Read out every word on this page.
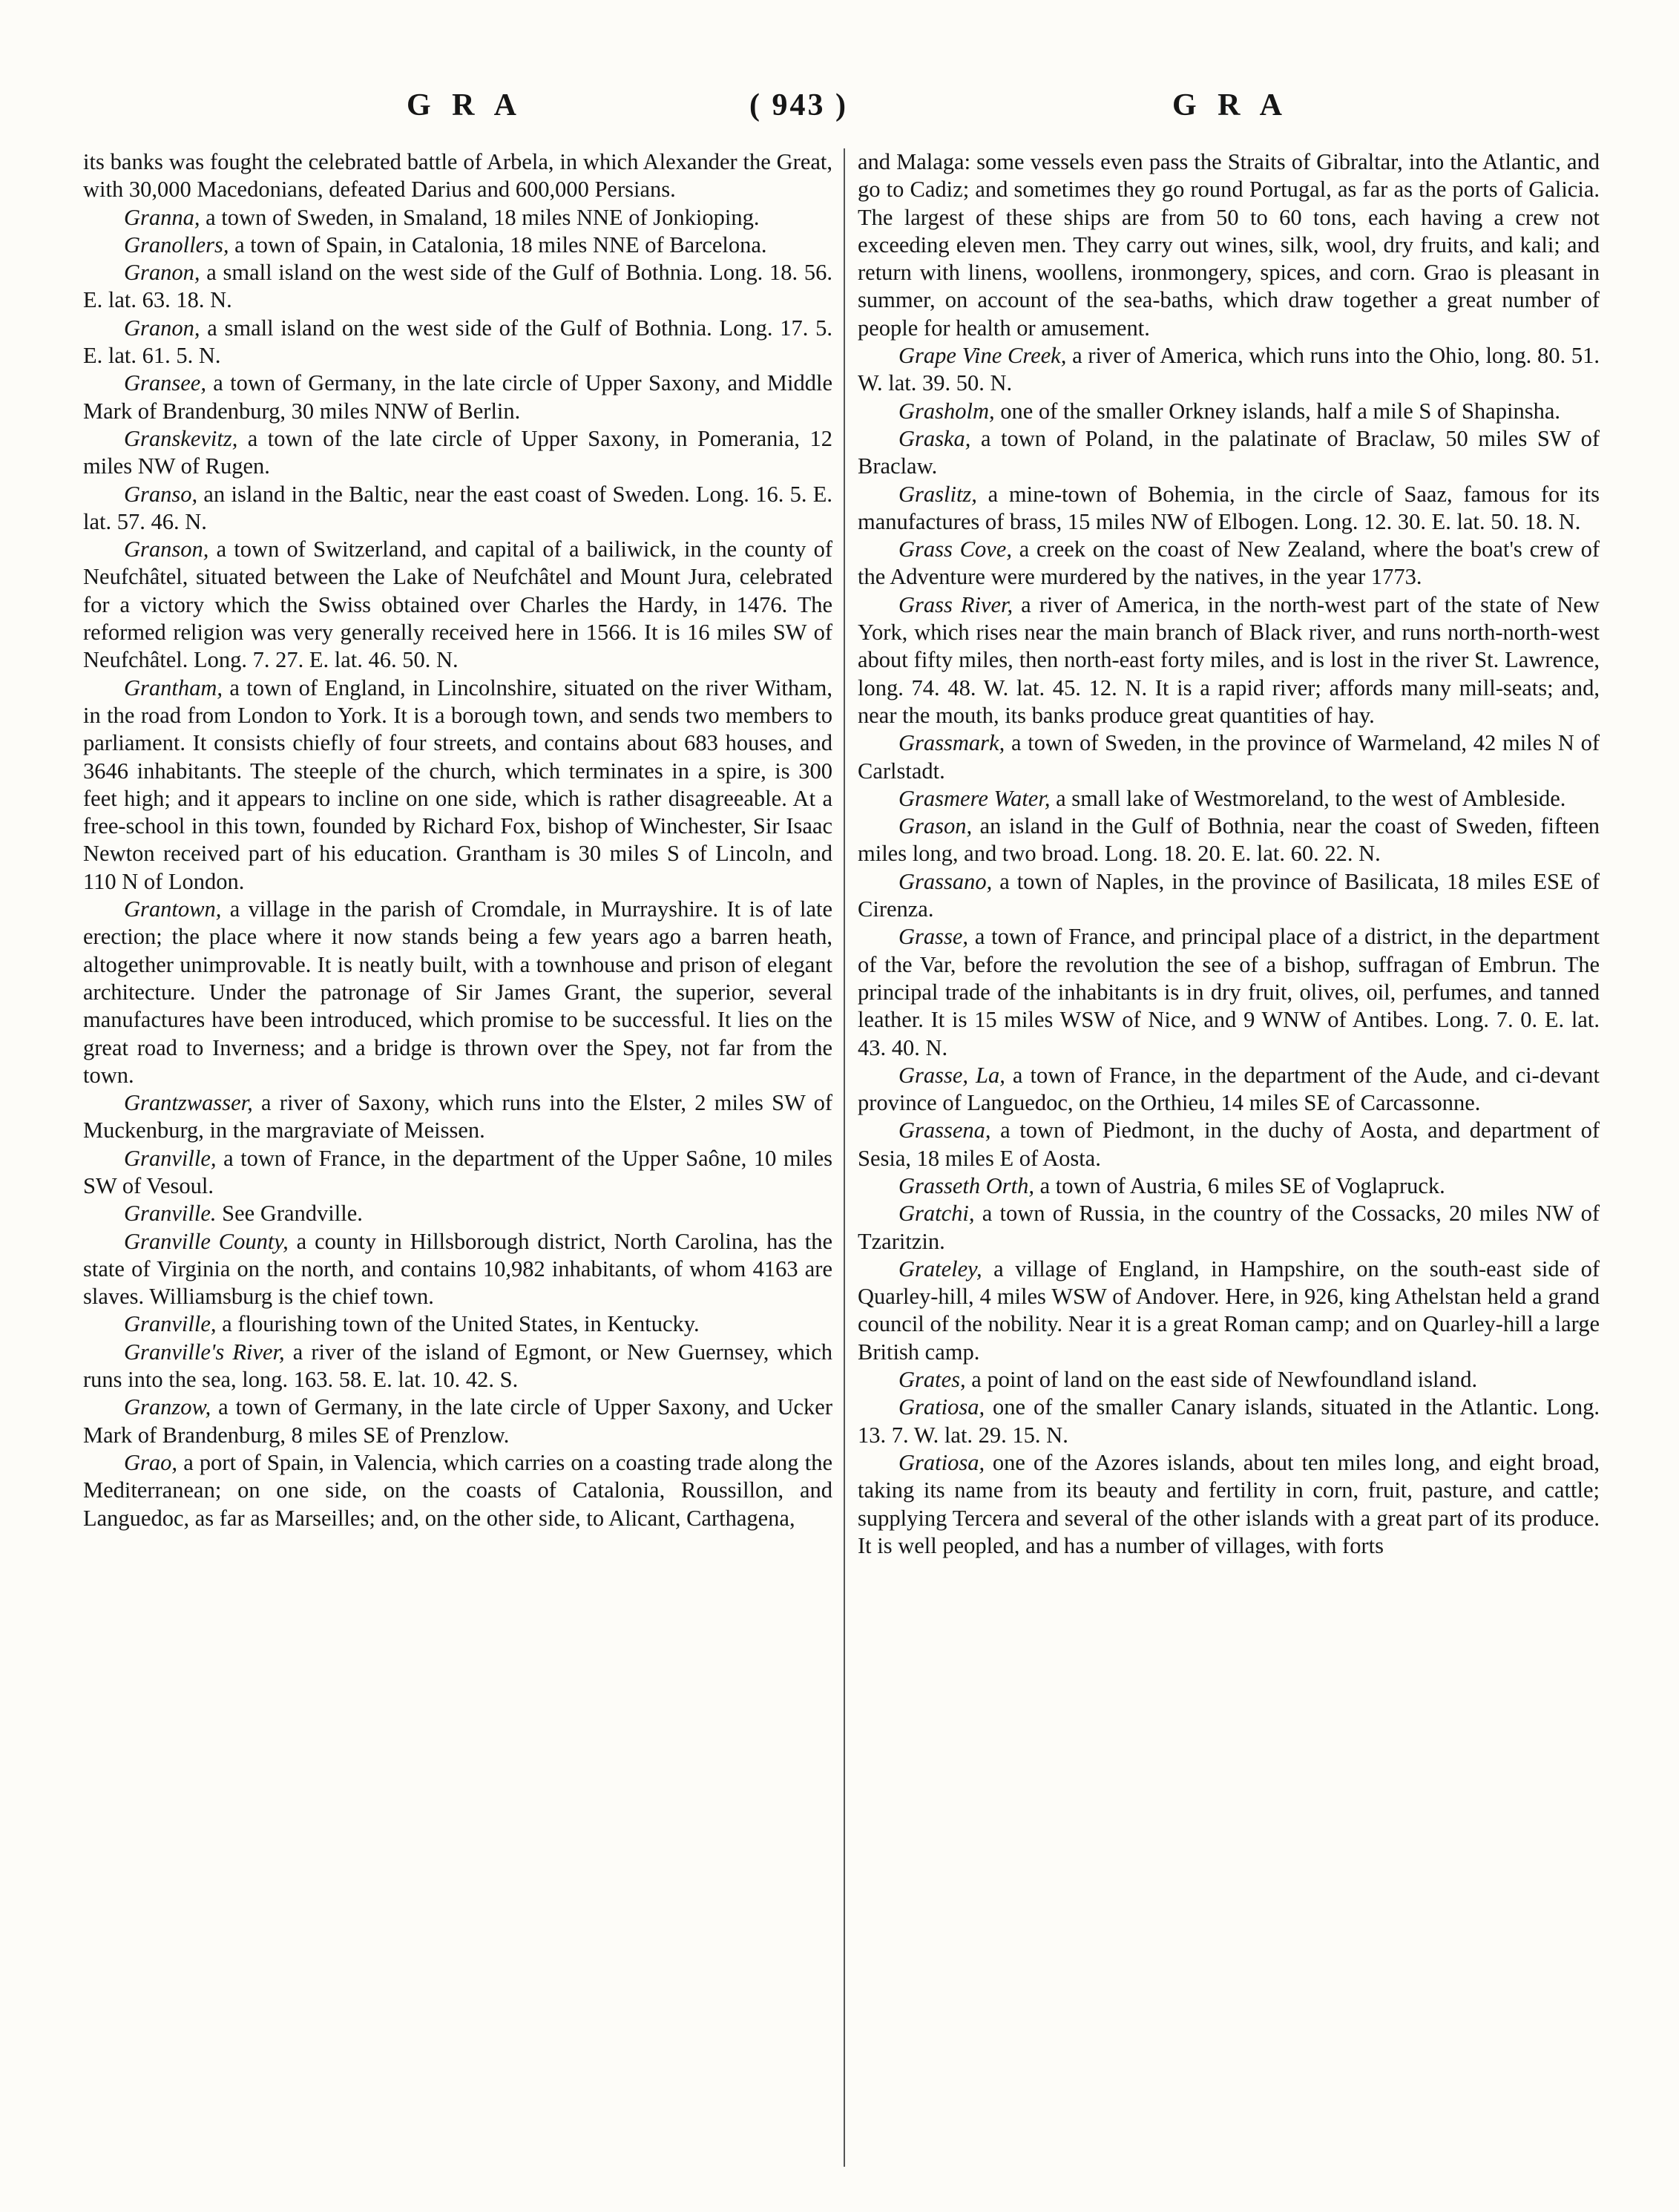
G R A	( 943 )	G R A

its banks was fought the celebrated battle of Arbela, in which Alexander the Great, with 30,000 Macedonians, defeated Darius and 600,000 Persians.

Granna, a town of Sweden, in Smaland, 18 miles NNE of Jonkioping.

Granollers, a town of Spain, in Catalonia, 18 miles NNE of Barcelona.

Granon, a small island on the west side of the Gulf of Bothnia. Long. 18. 56. E. lat. 63. 18. N.

Granon, a small island on the west side of the Gulf of Bothnia. Long. 17. 5. E. lat. 61. 5. N.

Gransee, a town of Germany, in the late circle of Upper Saxony, and Middle Mark of Brandenburg, 30 miles NNW of Berlin.

Granskevitz, a town of the late circle of Upper Saxony, in Pomerania, 12 miles NW of Rugen.

Granso, an island in the Baltic, near the east coast of Sweden. Long. 16. 5. E. lat. 57. 46. N.

Granson, a town of Switzerland, and capital of a bailiwick, in the county of Neufchâtel, situated between the Lake of Neufchâtel and Mount Jura, celebrated for a victory which the Swiss obtained over Charles the Hardy, in 1476. The reformed religion was very generally received here in 1566. It is 16 miles SW of Neufchâtel. Long. 7. 27. E. lat. 46. 50. N.

Grantham, a town of England, in Lincolnshire, situated on the river Witham, in the road from London to York. It is a borough town, and sends two members to parliament. It consists chiefly of four streets, and contains about 683 houses, and 3646 inhabitants. The steeple of the church, which terminates in a spire, is 300 feet high; and it appears to incline on one side, which is rather disagreeable. At a free-school in this town, founded by Richard Fox, bishop of Winchester, Sir Isaac Newton received part of his education. Grantham is 30 miles S of Lincoln, and 110 N of London.

Grantown, a village in the parish of Cromdale, in Murrayshire. It is of late erection; the place where it now stands being a few years ago a barren heath, altogether unimprovable. It is neatly built, with a townhouse and prison of elegant architecture. Under the patronage of Sir James Grant, the superior, several manufactures have been introduced, which promise to be successful. It lies on the great road to Inverness; and a bridge is thrown over the Spey, not far from the town.

Grantzwasser, a river of Saxony, which runs into the Elster, 2 miles SW of Muckenburg, in the margraviate of Meissen.

Granville, a town of France, in the department of the Upper Saône, 10 miles SW of Vesoul.

Granville. See Grandville.

Granville County, a county in Hillsborough district, North Carolina, has the state of Virginia on the north, and contains 10,982 inhabitants, of whom 4163 are slaves. Williamsburg is the chief town.

Granville, a flourishing town of the United States, in Kentucky.

Granville's River, a river of the island of Egmont, or New Guernsey, which runs into the sea, long. 163. 58. E. lat. 10. 42. S.

Granzow, a town of Germany, in the late circle of Upper Saxony, and Ucker Mark of Brandenburg, 8 miles SE of Prenzlow.

Grao, a port of Spain, in Valencia, which carries on a coasting trade along the Mediterranean; on one side, on the coasts of Catalonia, Roussillon, and Languedoc, as far as Marseilles; and, on the other side, to Alicant, Carthagena,

and Malaga: some vessels even pass the Straits of Gibraltar, into the Atlantic, and go to Cadiz; and sometimes they go round Portugal, as far as the ports of Galicia. The largest of these ships are from 50 to 60 tons, each having a crew not exceeding eleven men. They carry out wines, silk, wool, dry fruits, and kali; and return with linens, woollens, ironmongery, spices, and corn. Grao is pleasant in summer, on account of the sea-baths, which draw together a great number of people for health or amusement.

Grape Vine Creek, a river of America, which runs into the Ohio, long. 80. 51. W. lat. 39. 50. N.

Grasholm, one of the smaller Orkney islands, half a mile S of Shapinsha.

Graska, a town of Poland, in the palatinate of Braclaw, 50 miles SW of Braclaw.

Graslitz, a mine-town of Bohemia, in the circle of Saaz, famous for its manufactures of brass, 15 miles NW of Elbogen. Long. 12. 30. E. lat. 50. 18. N.

Grass Cove, a creek on the coast of New Zealand, where the boat's crew of the Adventure were murdered by the natives, in the year 1773.

Grass River, a river of America, in the north-west part of the state of New York, which rises near the main branch of Black river, and runs north-north-west about fifty miles, then north-east forty miles, and is lost in the river St. Lawrence, long. 74. 48. W. lat. 45. 12. N. It is a rapid river; affords many mill-seats; and, near the mouth, its banks produce great quantities of hay.

Grassmark, a town of Sweden, in the province of Warmeland, 42 miles N of Carlstadt.

Grasmere Water, a small lake of Westmoreland, to the west of Ambleside.

Grason, an island in the Gulf of Bothnia, near the coast of Sweden, fifteen miles long, and two broad. Long. 18. 20. E. lat. 60. 22. N.

Grassano, a town of Naples, in the province of Basilicata, 18 miles ESE of Cirenza.

Grasse, a town of France, and principal place of a district, in the department of the Var, before the revolution the see of a bishop, suffragan of Embrun. The principal trade of the inhabitants is in dry fruit, olives, oil, perfumes, and tanned leather. It is 15 miles WSW of Nice, and 9 WNW of Antibes. Long. 7. 0. E. lat. 43. 40. N.

Grasse, La, a town of France, in the department of the Aude, and ci-devant province of Languedoc, on the Orthieu, 14 miles SE of Carcassonne.

Grassena, a town of Piedmont, in the duchy of Aosta, and department of Sesia, 18 miles E of Aosta.

Grasseth Orth, a town of Austria, 6 miles SE of Voglapruck.

Gratchi, a town of Russia, in the country of the Cossacks, 20 miles NW of Tzaritzin.

Grateley, a village of England, in Hampshire, on the south-east side of Quarley-hill, 4 miles WSW of Andover. Here, in 926, king Athelstan held a grand council of the nobility. Near it is a great Roman camp; and on Quarley-hill a large British camp.

Grates, a point of land on the east side of Newfoundland island.

Gratiosa, one of the smaller Canary islands, situated in the Atlantic. Long. 13. 7. W. lat. 29. 15. N.

Gratiosa, one of the Azores islands, about ten miles long, and eight broad, taking its name from its beauty and fertility in corn, fruit, pasture, and cattle; supplying Tercera and several of the other islands with a great part of its produce. It is well peopled, and has a number of villages, with forts
